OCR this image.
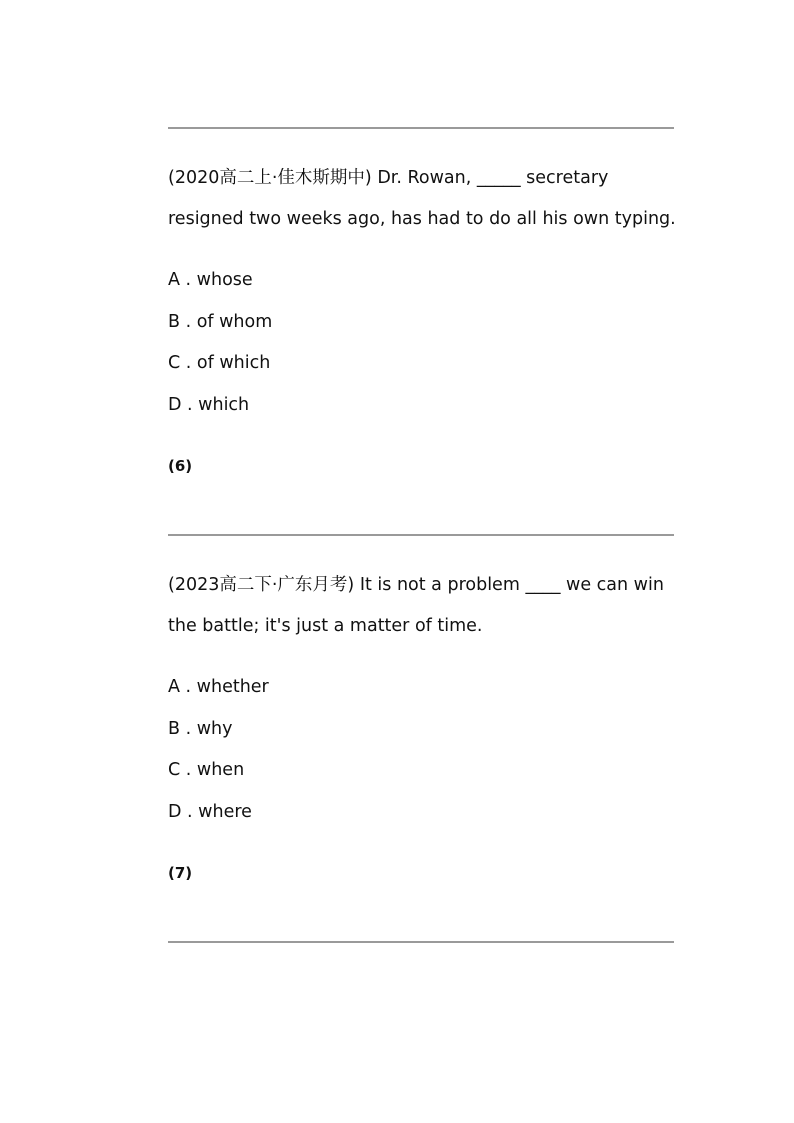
(2020高二上·佳木斯期中) Dr. Rowan, _____ secretary
resigned two weeks ago, has had to do all his own typing.
A . whose
B . of whom
C . of which
D . which
(6)
(2023高二下·广东月考) It is not a problem ____ we can win
the battle; it's just a matter of time.
A . whether
B . why
C . when
D . where
(7)
